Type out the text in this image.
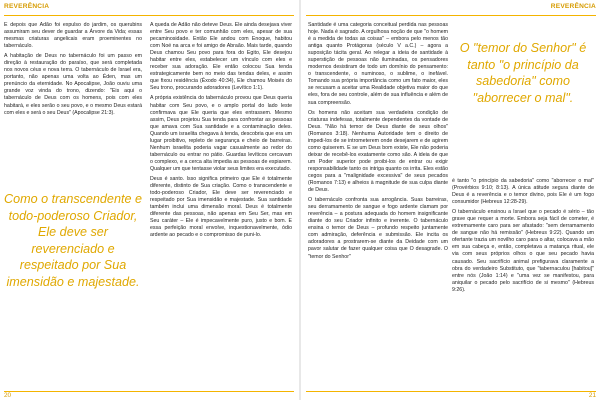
REVERÊNCIA

E depois que Adão foi expulso do jardim, os querubins assumiram seu dever de guardar a Árvore da Vida; essas mesmas criaturas angelicais eram proeminentes no tabernáculo.

A habitação de Deus no tabernáculo foi um passo em direção à restauração do paraíso, que será completada nos novos céus e nova terra. O tabernáculo de Israel era, portanto, não apenas uma volta ao Éden, mas um prenúncio da eternidade. No Apocalipse, João ouviu uma grande voz vinda do trono, dizendo: "Eis aqui o tabernáculo de Deus com os homens, pois com eles habitará, e eles serão o seu povo, e o mesmo Deus estará com eles e será o seu Deus" (Apocalipse 21:3).

Como o transcendente e todo-poderoso Criador, Ele deve ser reverenciado e respeitado por Sua imensidão e majestade.

A queda de Adão não deteve Deus. Ele ainda desejava viver entre Seu povo e ter comunhão com eles, apesar de sua pecaminosidade. Então Ele andou com Enoque, habitou com Noé na arca e foi amigo de Abraão. Mais tarde, quando Deus chamou Seu povo para fora do Egito, Ele desejou habitar entre eles, estabelecer um vínculo com eles e receber sua adoração. Ele então colocou Sua tenda estrategicamente bem no meio das tendas deles, e assim que fixou residência (Êxodo 40:34), Ele chamou Moisés do Seu trono, procurando adoradores (Levítico 1:1).

A própria existência do tabernáculo provou que Deus queria habitar com Seu povo, e o amplo portal do lado leste confirmava que Ele queria que eles entrassem. Mesmo assim, Deus projetou Sua tenda para confrontar as pessoas que amava com Sua santidade e a contaminação deles. Quando um israelita chegava à tenda, descobria que era um lugar proibitivo, repleto de segurança e cheio de barreiras. Nenhum israelita poderia vagar casualmente ao redor do tabernáculo ou entrar no pátio. Guardas levíticos cercavam o complexo, e a cerca alta impedia as pessoas de espiarem. Qualquer um que tentasse violar seus limites era executado.

Deus é santo. Isso significa primeiro que Ele é totalmente diferente, distinto de Sua criação. Como o transcendente e todo-poderoso Criador, Ele deve ser reverenciado e respeitado por Sua imensidão e majestade. Sua santidade também inclui uma dimensão moral. Deus é totalmente diferente das pessoas, não apenas em Seu Ser, mas em Seu caráter – Ele é impecavelmente puro, justo e bom. E essa perfeição moral envolve, inquestionavelmente, ódio ardente ao pecado e o compromisso de puni-lo.

20
REVERÊNCIA

Santidade é uma categoria conceitual perdida nas pessoas hoje. Nada é sagrado. A orgulhosa noção de que "o homem é a medida de todas as coisas" – embora pelo menos tão antiga quanto Protágoras (século V a.C.) – agora a suposição tácita geral. Ao relegar a ideia de santidade à superstição de pessoas não iluminadas, os pensadores modernos desistiram de todo um domínio do pensamento: o transcendente, o numinoso, o sublime, o inefável. Tomando sua própria importância como um fato maior, eles se recusam a aceitar uma Realidade objetiva maior do que eles, fora de seu controle, além de sua influência e além de sua compreensão.

Os homens não aceitam sua verdadeira condição de criaturas indefesas, totalmente dependentes da vontade de Deus. "Não há temor de Deus diante de seus olhos" (Romanos 3:18). Nenhuma Autoridade tem o direito de impedi-los de se intrometerem onde desejarem e de agirem como quiserem. E se um Deus bom existe, Ele não poderia deixar de recebê-los exatamente como são. A ideia de que um Poder superior pode proibi-los de entrar ou exigir responsabilidade tanto os intriga quanto os irrita. Eles estão cegos para a "malignidade excessiva" de seus pecados (Romanos 7:13) e alheios à magnitude de sua culpa diante de Deus.

O tabernáculo confronta sua arrogância. Suas barreiras, seu derramamento de sangue e fogo ardente clamam por reverência – a postura adequada do homem insignificante diante do seu Criador infinito e inerente. O tabernáculo ensina o temor de Deus – profundo respeito juntamente com admiração, deferência e submissão. Ele incita os adoradores a prostrarem-se diante da Deidade com um pavor salutar de fazer qualquer coisa que O desagrade. O "temor do Senhor"

é tanto "o princípio da sabedoria" como "aborrecer o mal" (Provérbios 9:10; 8:13). A única atitude segura diante de Deus é a reverência e o temor divino, pois Ele é um fogo consumidor (Hebreus 12:28-29).

O tabernáculo ensinou a Israel que o pecado é sério – tão grave que requer a morte. Embora seja fácil de cometer, é extremamente caro para ser afastado: "sem derramamento de sangue não há remissão" (Hebreus 9:22). Quando um ofertante trazia um novilho caro para o altar, colocava a mão em sua cabeça e, então, completava a matança ritual, ele via com seus próprios olhos o que seu pecado havia causado. Seu sacrifício animal prefigurava claramente a obra do verdadeiro Substituto, que "tabernaculou [habitou]" entre nós (João 1:14) e "uma vez se manifestou, para aniquilar o pecado pelo sacrifício de si mesmo" (Hebreus 9:26).

21
O "temor do Senhor" é tanto "o princípio da sabedoria" como "aborrecer o mal".
